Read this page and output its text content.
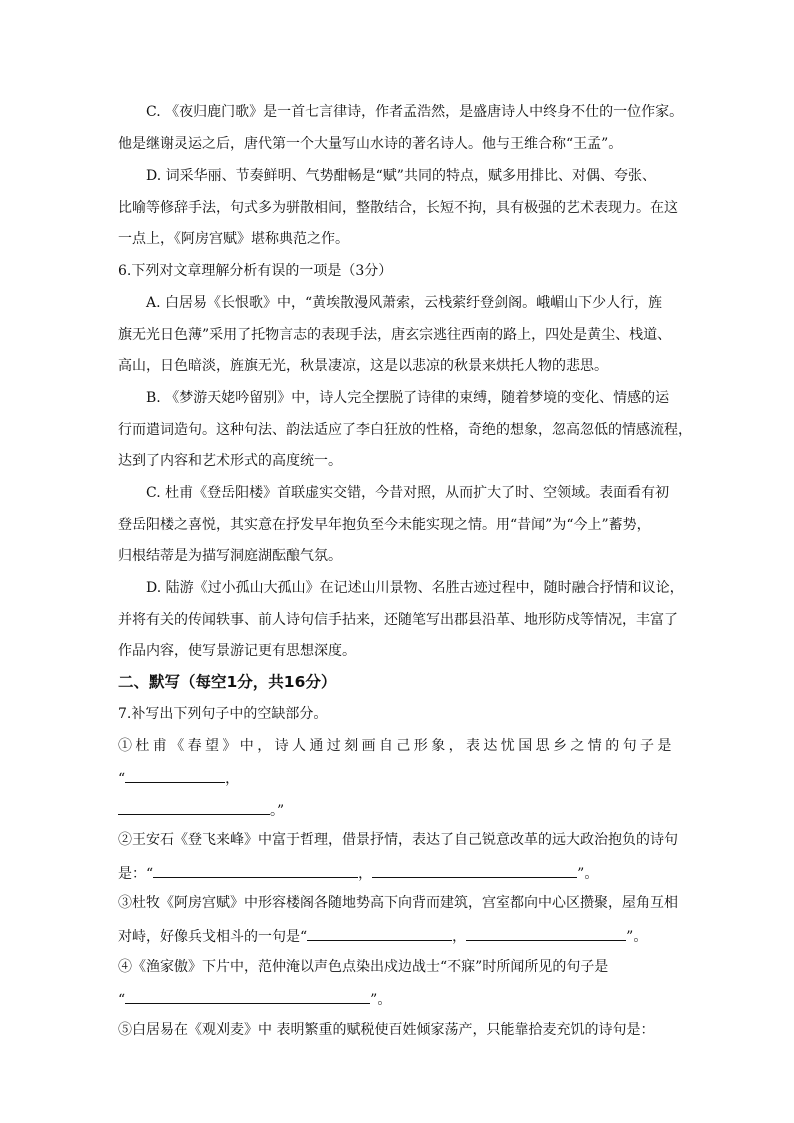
C. 《夜归鹿门歌》是一首七言律诗，作者孟浩然，是盛唐诗人中终身不仕的一位作家。
他是继谢灵运之后，唐代第一个大量写山水诗的著名诗人。他与王维合称“王孟”。
D. 词采华丽、节奏鲜明、气势酣畅是“赋”共同的特点，赋多用排比、对偶、夸张、
比喻等修辞手法，句式多为骈散相间，整散结合，长短不拘，具有极强的艺术表现力。在这
一点上，《阿房宫赋》堪称典范之作。
6.下列对文章理解分析有误的一项是（3分）
A. 白居易《长恨歌》中，“黄埃散漫风萧索，云栈萦纡登剑阁。峨嵋山下少人行，旌
旗无光日色薄”采用了托物言志的表现手法，唐玄宗逃往西南的路上，四处是黄尘、栈道、
高山，日色暗淡，旌旗无光，秋景凄凉，这是以悲凉的秋景来烘托人物的悲思。
B. 《梦游天姥吟留别》中，诗人完全摆脱了诗律的束缚，随着梦境的变化、情感的运
行而遣词造句。这种句法、韵法适应了李白狂放的性格，奇绝的想象，忽高忽低的情感流程，
达到了内容和艺术形式的高度统一。
C. 杜甫《登岳阳楼》首联虚实交错，今昔对照，从而扩大了时、空领域。表面看有初
登岳阳楼之喜悦，其实意在抒发早年抱负至今未能实现之情。用“昔闻”为“今上”蓄势，
归根结蒂是为描写洞庭湖酝酿气氛。
D. 陆游《过小孤山大孤山》在记述山川景物、名胜古迹过程中，随时融合抒情和议论，
并将有关的传闻轶事、前人诗句信手拈来，还随笔写出郡县沿革、地形防戍等情况，丰富了
作品内容，使写景游记更有思想深度。
二、默写（每空1分，共16分）
7.补写出下列句子中的空缺部分。
①杜甫《春望》中，诗人通过刻画自己形象，表达忧国思乡之情的句子是
“	，
。”
②王安石《登飞来峰》中富于哲理，借景抒情，表达了自己锐意改革的远大政治抱负的诗句
是：“	，	”。
③杜牧《阿房宫赋》中形容楼阁各随地势高下向背而建筑，宫室都向中心区攒聚，屋角互相
对峙，好像兵戈相斗的一句是“	，	”。
④《渔家傲》下片中，范仲淹以声色点染出戍边战士“不寐”时所闻所见的句子是
“	”。
⑤白居易在《观刈麦》中 表明繁重的赋税使百姓倾家荡产，只能靠拾麦充饥的诗句是：
